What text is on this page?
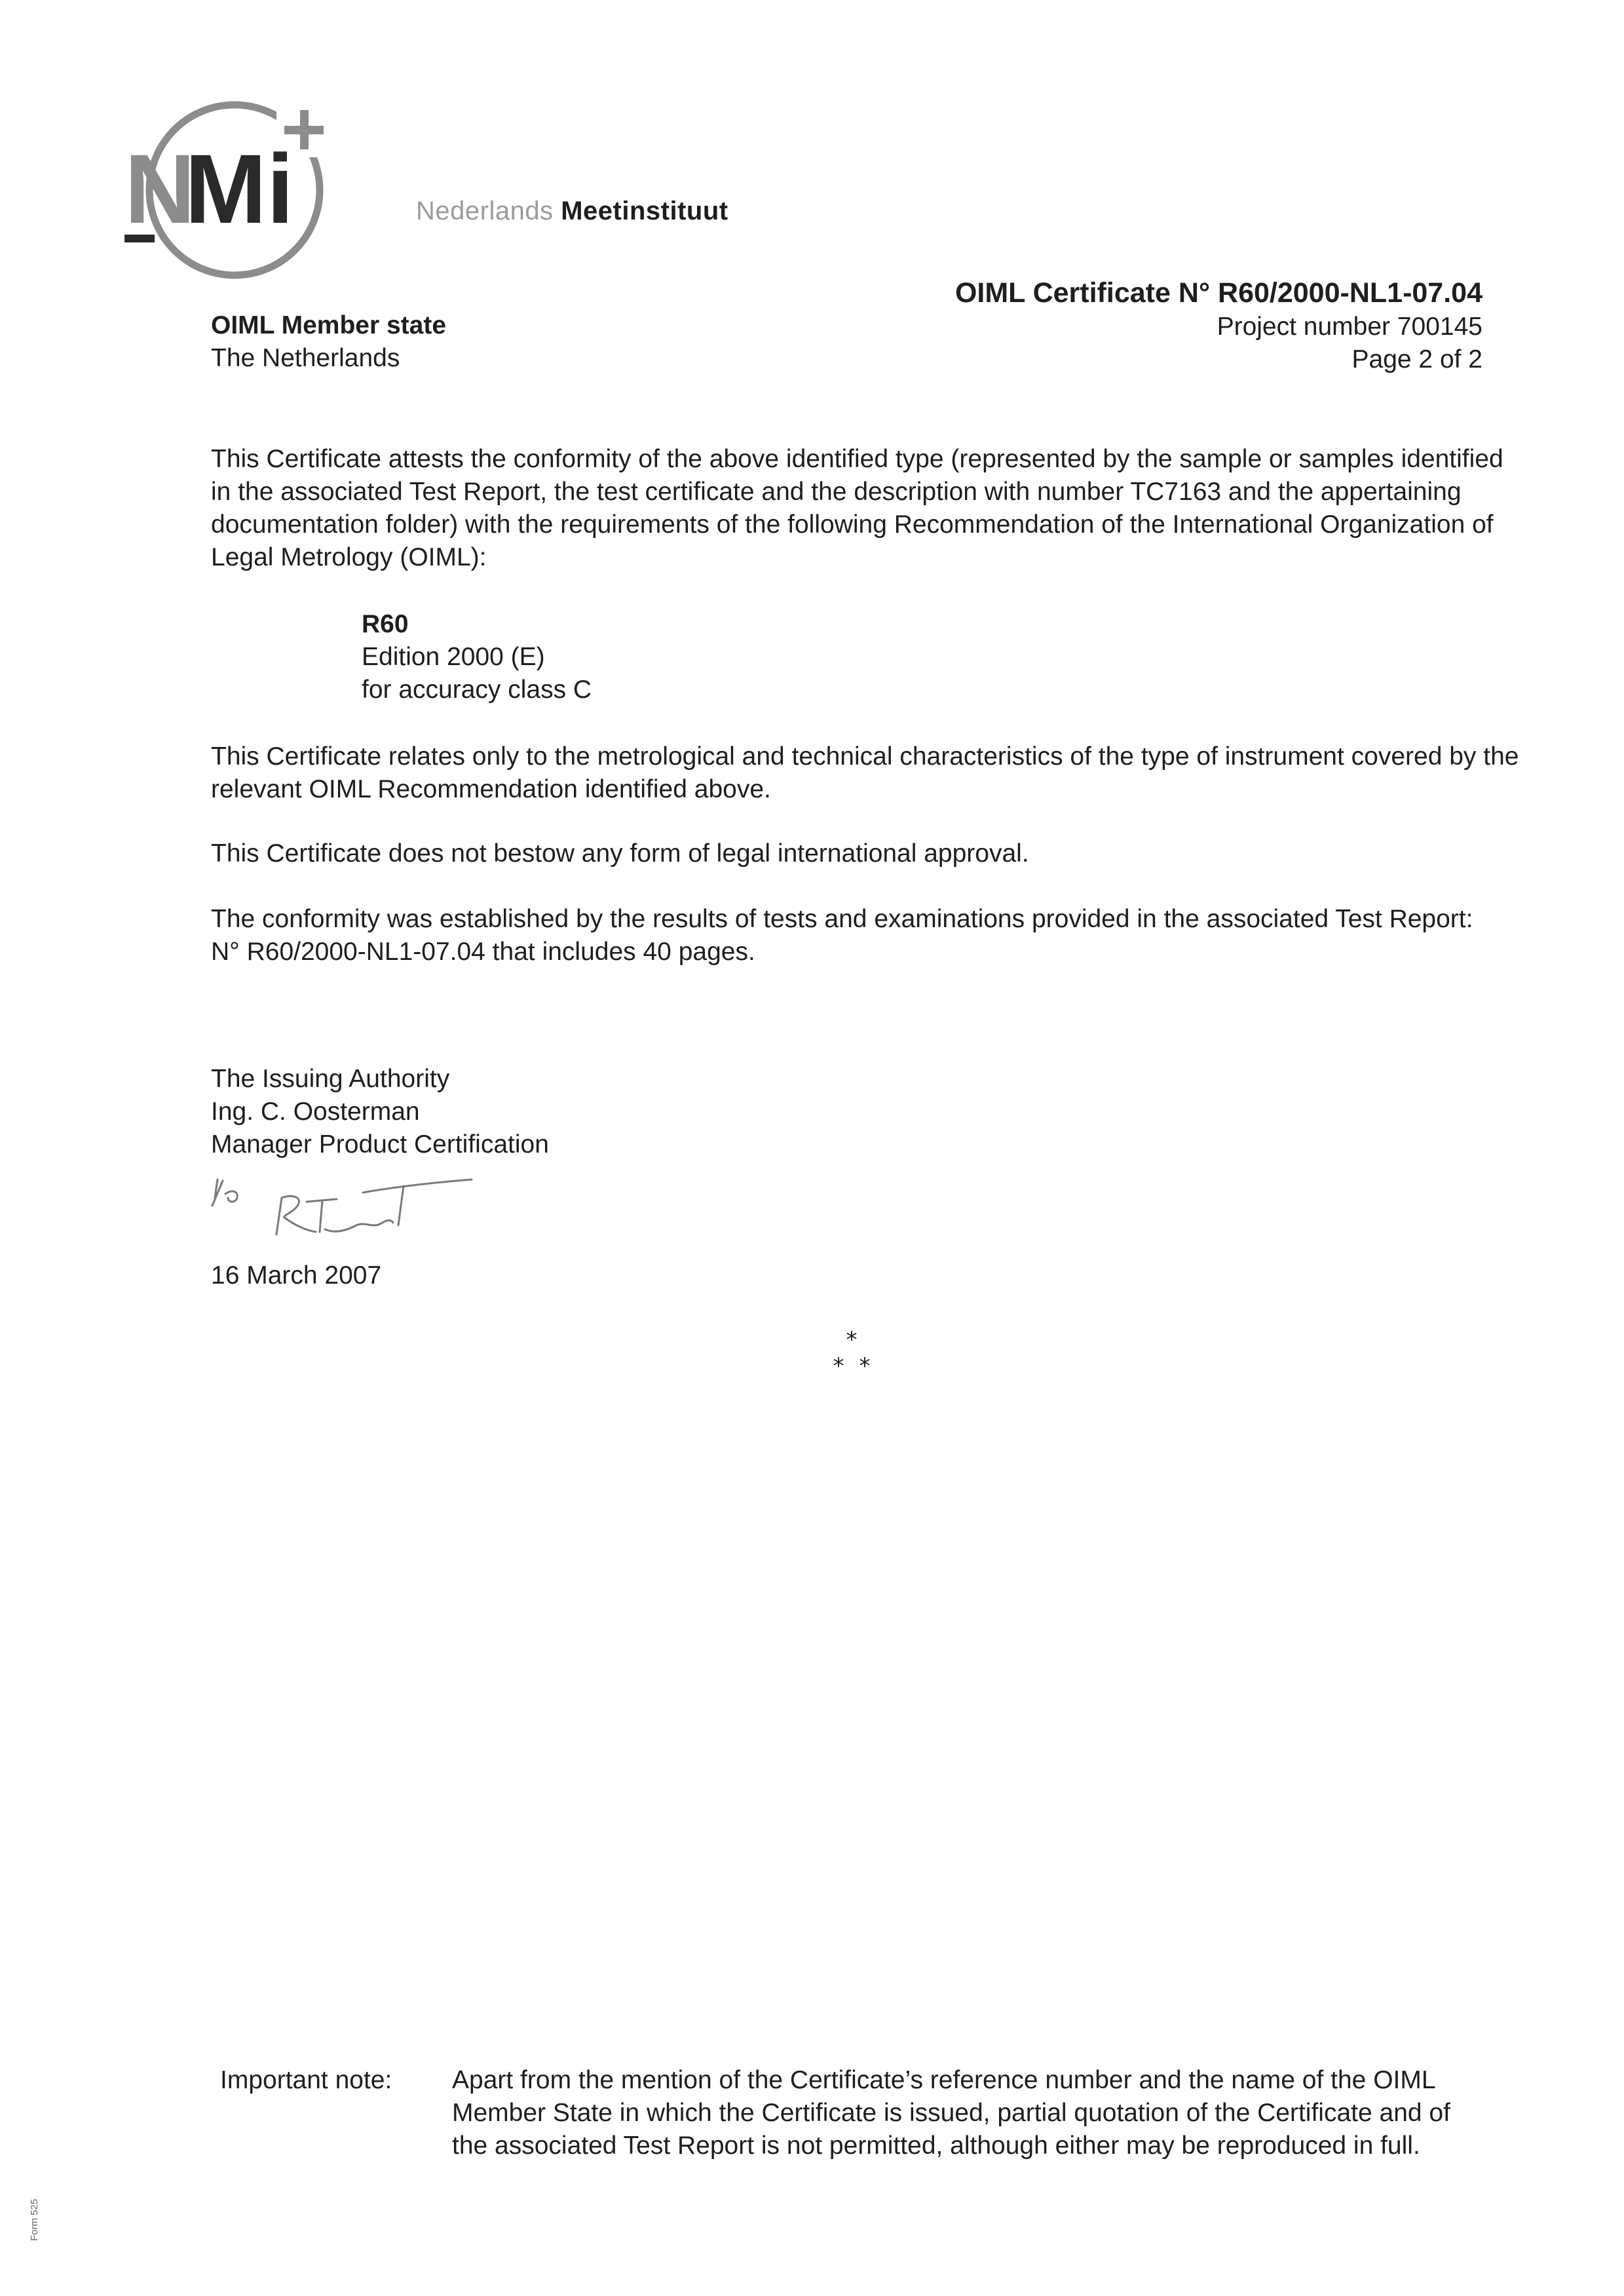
N
Mi	Nederlands Meetinstituut
OIML Member state
The Netherlands
OIML Certificate N° R60/2000-NL1-07.04
Project number 700145
Page 2 of 2
This Certificate attests the conformity of the above identified type (represented by the sample or samples identified in the associated Test Report, the test certificate and the description with number TC7163 and the appertaining documentation folder) with the requirements of the following Recommendation of the International Organization of Legal Metrology (OIML):
R60
Edition 2000 (E)
for accuracy class C
This Certificate relates only to the metrological and technical characteristics of the type of instrument covered by the relevant OIML Recommendation identified above.
This Certificate does not bestow any form of legal international approval.
The conformity was established by the results of tests and examinations provided in the associated Test Report:
N° R60/2000-NL1-07.04 that includes 40 pages.
The Issuing Authority
Ing. C. Oosterman
Manager Product Certification
16 March 2007
*
* *
Important note: Apart from the mention of the Certificate’s reference number and the name of the OIML Member State in which the Certificate is issued, partial quotation of the Certificate and of the associated Test Report is not permitted, although either may be reproduced in full.
Form 525
